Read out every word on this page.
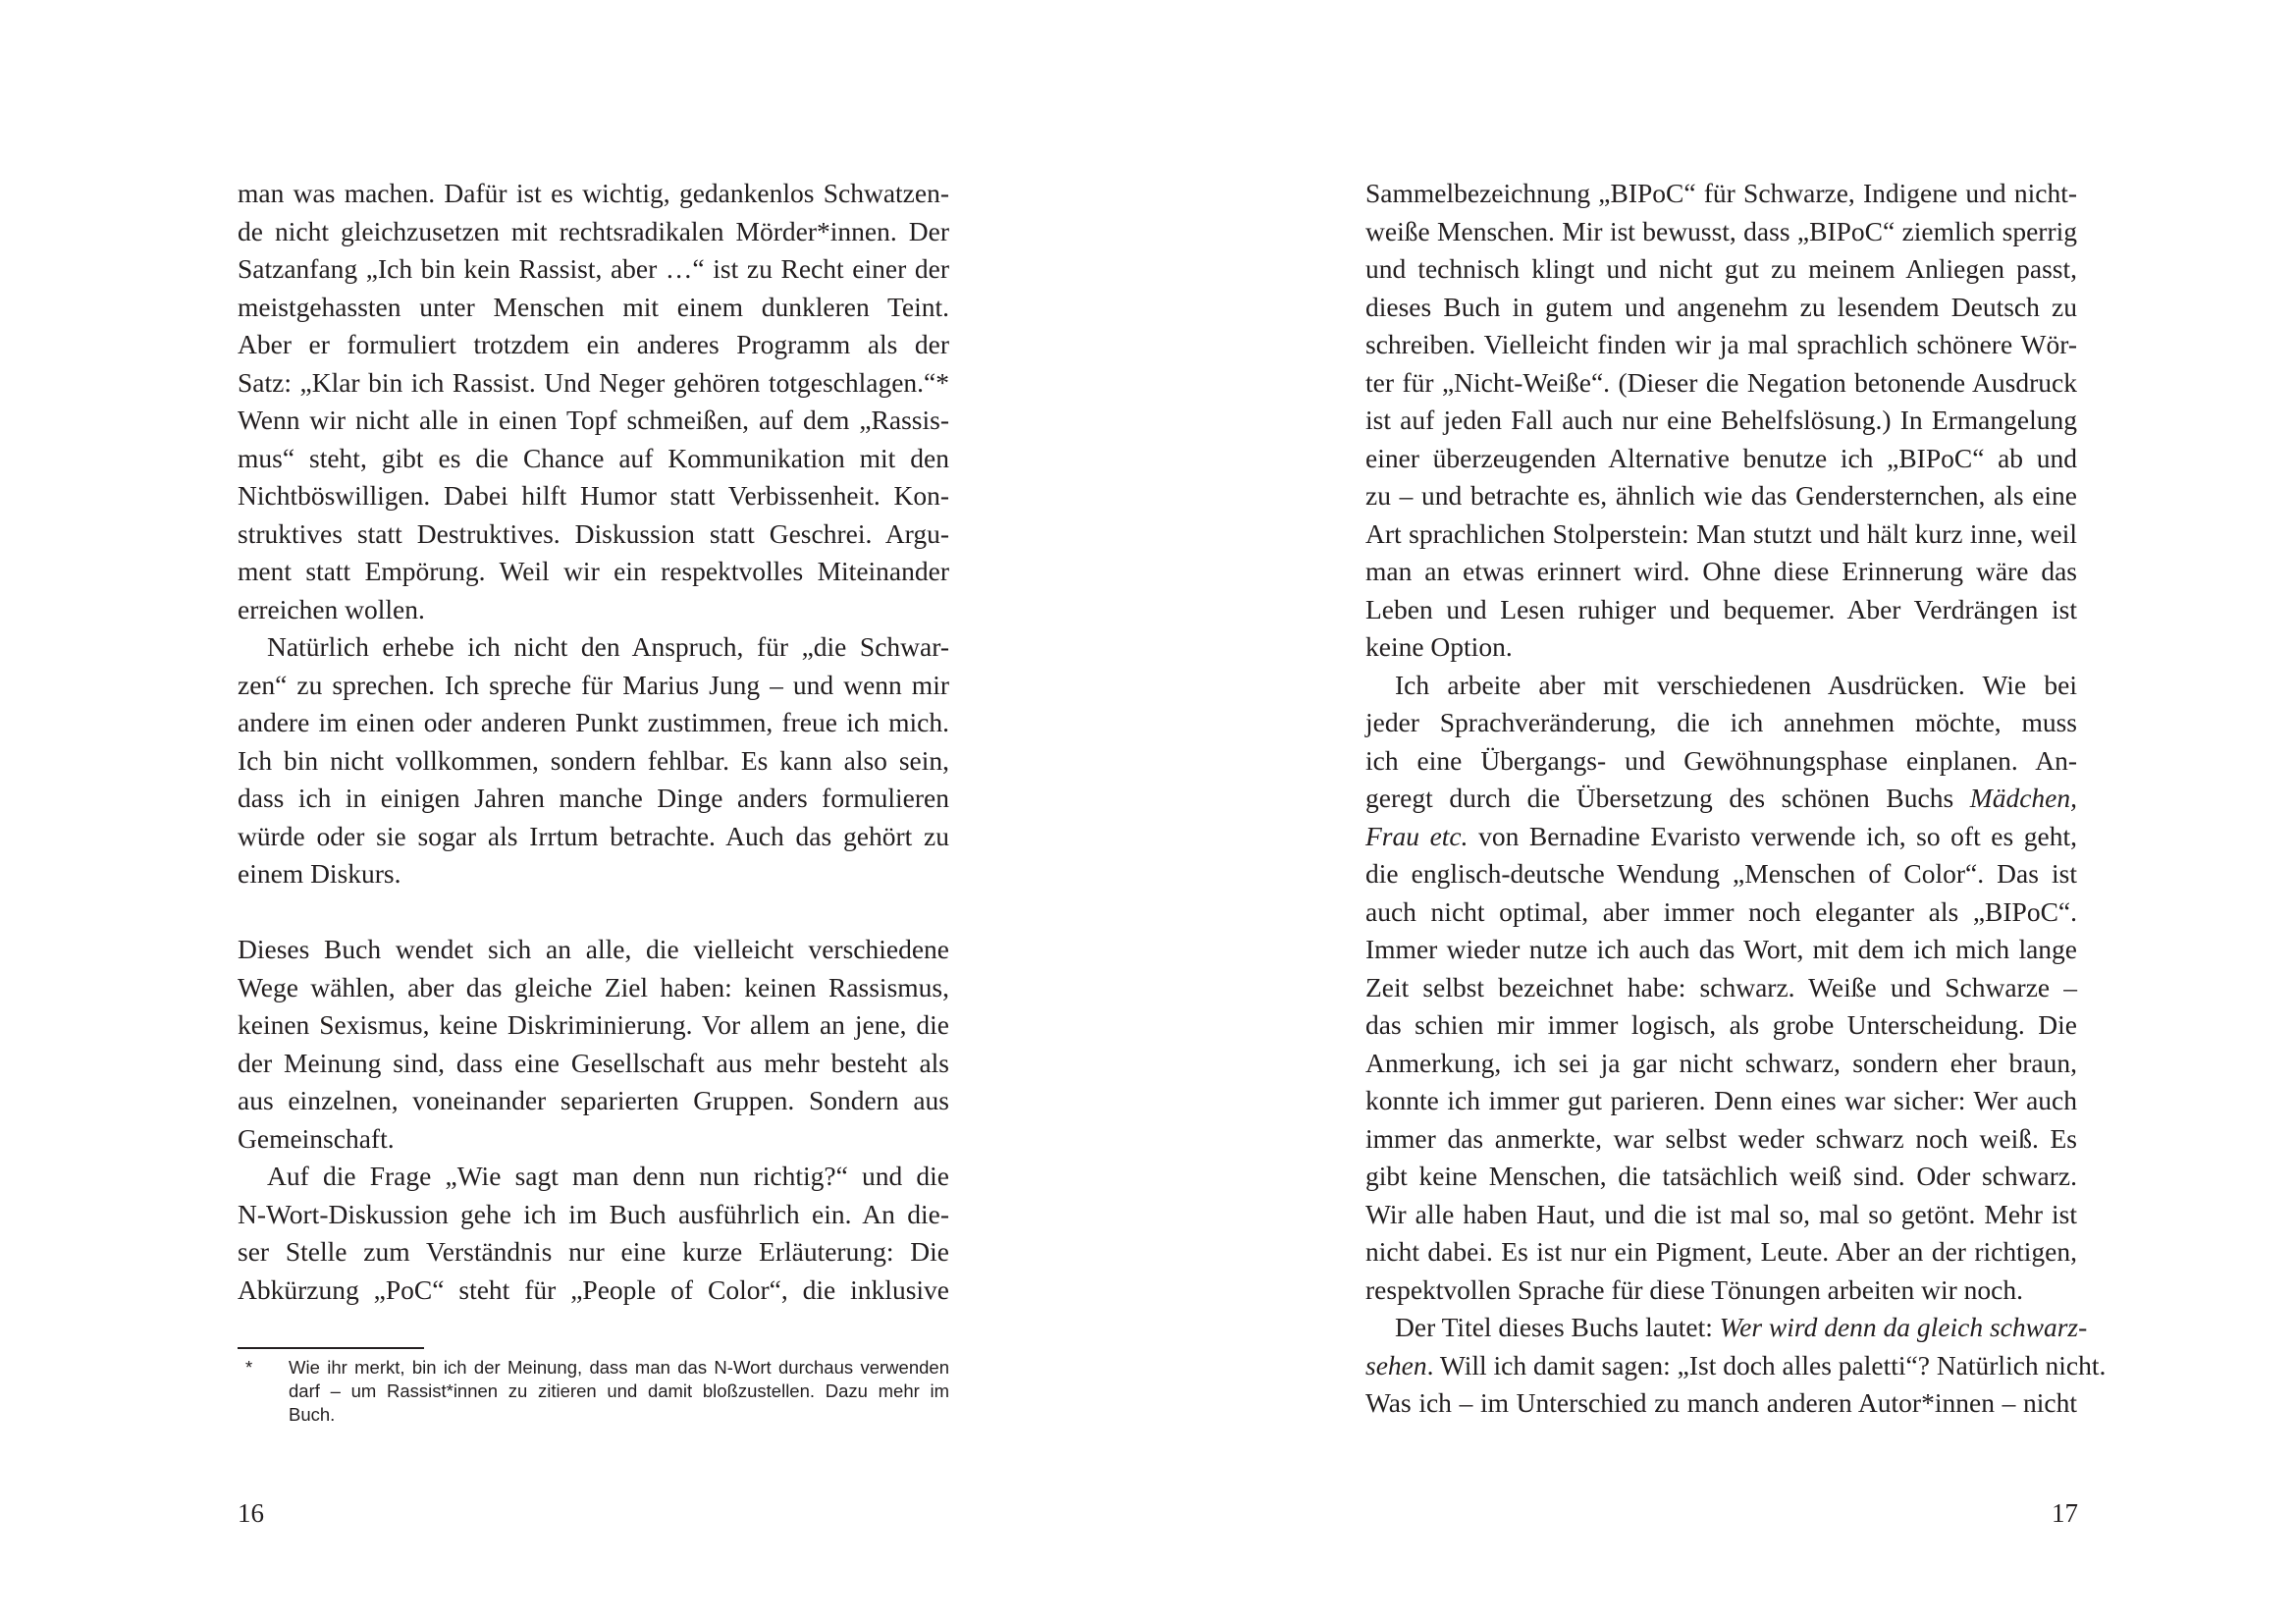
man was machen. Dafür ist es wichtig, gedankenlos Schwatzen-
de nicht gleichzusetzen mit rechtsradikalen Mörder*innen. Der
Satzanfang „Ich bin kein Rassist, aber …“ ist zu Recht einer der
meistgehassten unter Menschen mit einem dunkleren Teint.
Aber er formuliert trotzdem ein anderes Programm als der
Satz: „Klar bin ich Rassist. Und Neger gehören totgeschlagen.“*
Wenn wir nicht alle in einen Topf schmeißen, auf dem „Rassis-
mus“ steht, gibt es die Chance auf Kommunikation mit den
Nichtböswilligen. Dabei hilft Humor statt Verbissenheit. Kon-
struktives statt Destruktives. Diskussion statt Geschrei. Argu-
ment statt Empörung. Weil wir ein respektvolles Miteinander
erreichen wollen.
Natürlich erhebe ich nicht den Anspruch, für „die Schwar-
zen“ zu sprechen. Ich spreche für Marius Jung – und wenn mir
andere im einen oder anderen Punkt zustimmen, freue ich mich.
Ich bin nicht vollkommen, sondern fehlbar. Es kann also sein,
dass ich in einigen Jahren manche Dinge anders formulieren
würde oder sie sogar als Irrtum betrachte. Auch das gehört zu
einem Diskurs.
Dieses Buch wendet sich an alle, die vielleicht verschiedene
Wege wählen, aber das gleiche Ziel haben: keinen Rassismus,
keinen Sexismus, keine Diskriminierung. Vor allem an jene, die
der Meinung sind, dass eine Gesellschaft aus mehr besteht als
aus einzelnen, voneinander separierten Gruppen. Sondern aus
Gemeinschaft.
Auf die Frage „Wie sagt man denn nun richtig?“ und die
N-Wort-Diskussion gehe ich im Buch ausführlich ein. An die-
ser Stelle zum Verständnis nur eine kurze Erläuterung: Die
Abkürzung „PoC“ steht für „People of Color“, die inklusive
* Wie ihr merkt, bin ich der Meinung, dass man das N-Wort durchaus verwenden
darf – um Rassist*innen zu zitieren und damit bloßzustellen. Dazu mehr im
Buch.
16
Sammelbezeichnung „BIPoC“ für Schwarze, Indigene und nicht-
weiße Menschen. Mir ist bewusst, dass „BIPoC“ ziemlich sperrig
und technisch klingt und nicht gut zu meinem Anliegen passt,
dieses Buch in gutem und angenehm zu lesendem Deutsch zu
schreiben. Vielleicht finden wir ja mal sprachlich schönere Wör-
ter für „Nicht-Weiße“. (Dieser die Negation betonende Ausdruck
ist auf jeden Fall auch nur eine Behelfslösung.) In Ermangelung
einer überzeugenden Alternative benutze ich „BIPoC“ ab und
zu – und betrachte es, ähnlich wie das Gendersternchen, als eine
Art sprachlichen Stolperstein: Man stutzt und hält kurz inne, weil
man an etwas erinnert wird. Ohne diese Erinnerung wäre das
Leben und Lesen ruhiger und bequemer. Aber Verdrängen ist
keine Option.
Ich arbeite aber mit verschiedenen Ausdrücken. Wie bei
jeder Sprachveränderung, die ich annehmen möchte, muss
ich eine Übergangs- und Gewöhnungsphase einplanen. An-
geregt durch die Übersetzung des schönen Buchs Mädchen,
Frau etc. von Bernadine Evaristo verwende ich, so oft es geht,
die englisch-deutsche Wendung „Menschen of Color“. Das ist
auch nicht optimal, aber immer noch eleganter als „BIPoC“.
Immer wieder nutze ich auch das Wort, mit dem ich mich lange
Zeit selbst bezeichnet habe: schwarz. Weiße und Schwarze –
das schien mir immer logisch, als grobe Unterscheidung. Die
Anmerkung, ich sei ja gar nicht schwarz, sondern eher braun,
konnte ich immer gut parieren. Denn eines war sicher: Wer auch
immer das anmerkte, war selbst weder schwarz noch weiß. Es
gibt keine Menschen, die tatsächlich weiß sind. Oder schwarz.
Wir alle haben Haut, und die ist mal so, mal so getönt. Mehr ist
nicht dabei. Es ist nur ein Pigment, Leute. Aber an der richtigen,
respektvollen Sprache für diese Tönungen arbeiten wir noch.
Der Titel dieses Buchs lautet: Wer wird denn da gleich schwarz-
sehen. Will ich damit sagen: „Ist doch alles paletti“? Natürlich nicht.
Was ich – im Unterschied zu manch anderen Autor*innen – nicht
17
